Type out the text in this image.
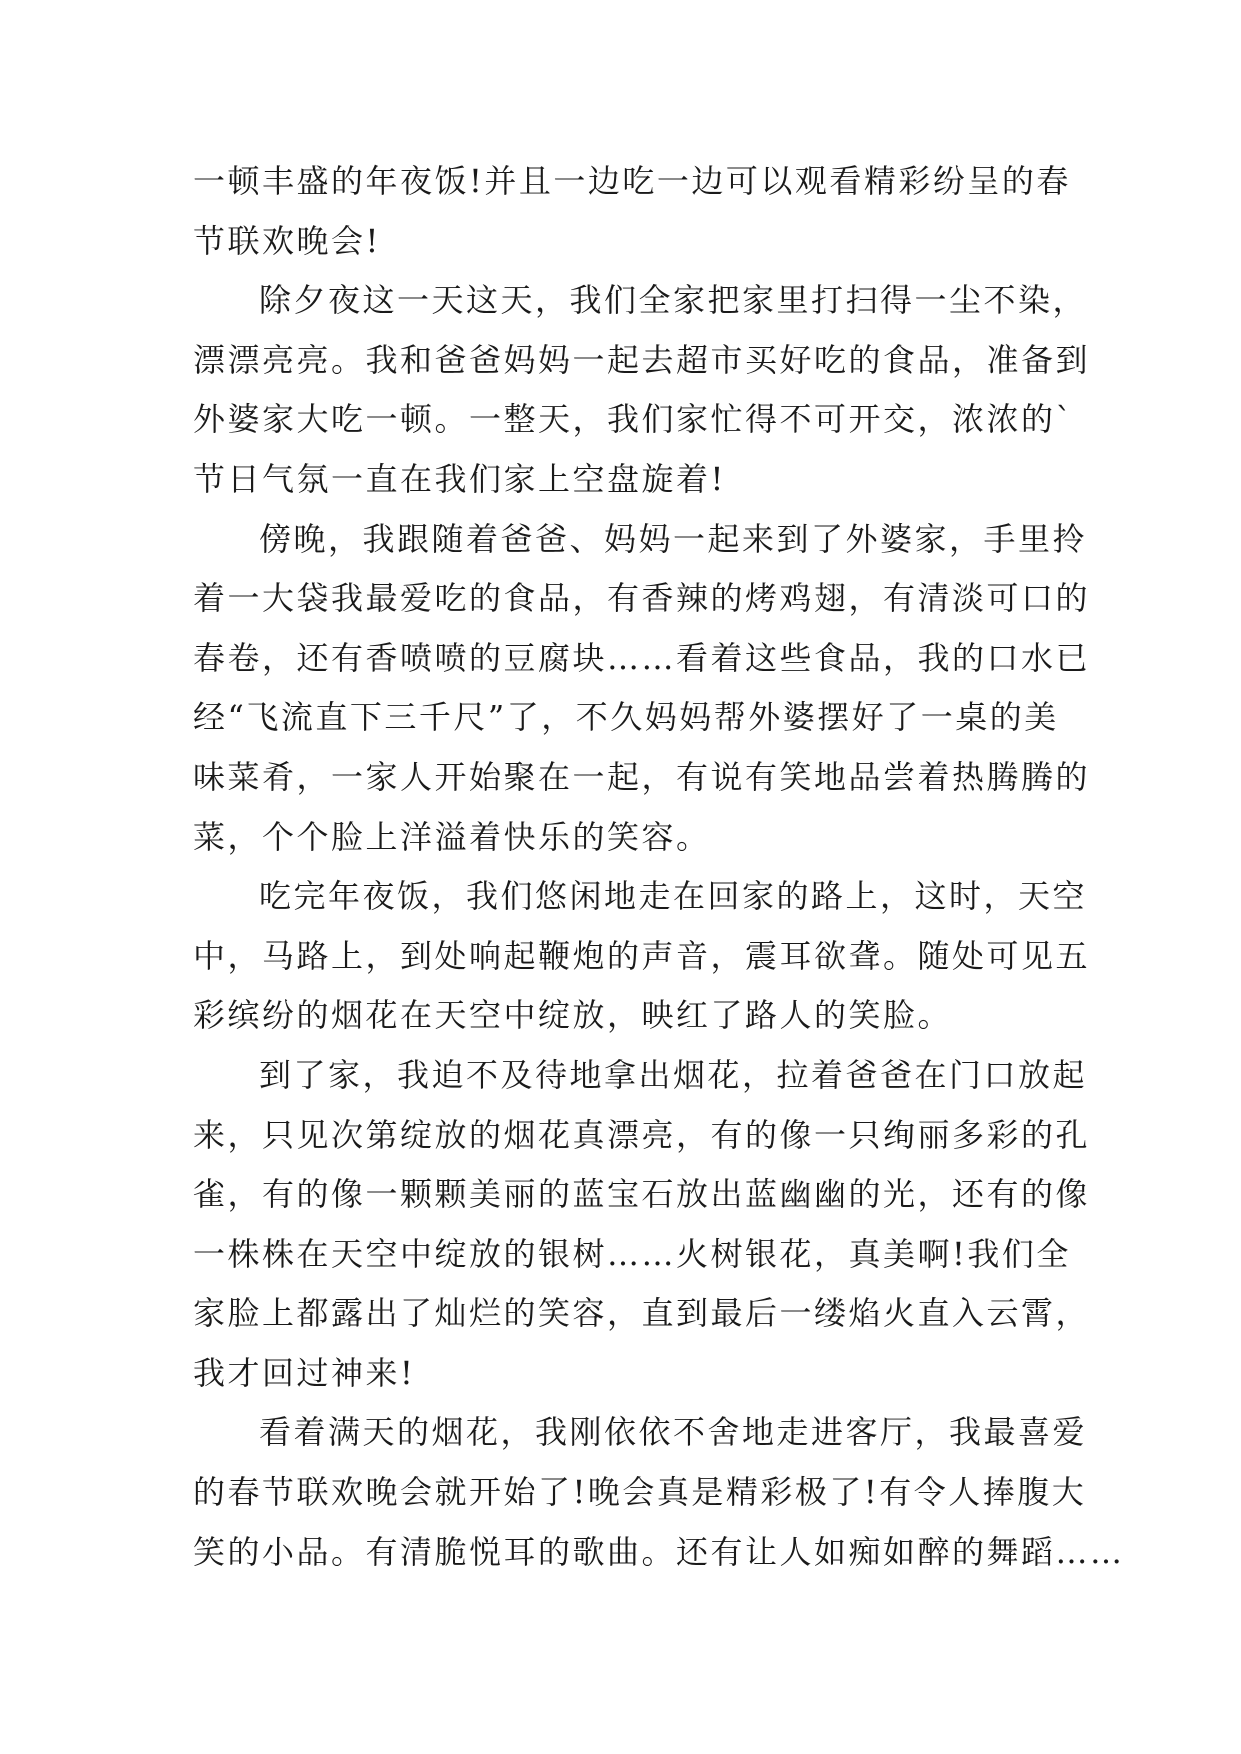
一顿丰盛的年夜饭!并且一边吃一边可以观看精彩纷呈的春
节联欢晚会!
除夕夜这一天这天，我们全家把家里打扫得一尘不染，
漂漂亮亮。我和爸爸妈妈一起去超市买好吃的食品，准备到
外婆家大吃一顿。一整天，我们家忙得不可开交，浓浓的`
节日气氛一直在我们家上空盘旋着!
傍晚，我跟随着爸爸、妈妈一起来到了外婆家，手里拎
着一大袋我最爱吃的食品，有香辣的烤鸡翅，有清淡可口的
春卷，还有香喷喷的豆腐块……看着这些食品，我的口水已
经“飞流直下三千尺”了，不久妈妈帮外婆摆好了一桌的美
味菜肴，一家人开始聚在一起，有说有笑地品尝着热腾腾的
菜，个个脸上洋溢着快乐的笑容。
吃完年夜饭，我们悠闲地走在回家的路上，这时，天空
中，马路上，到处响起鞭炮的声音，震耳欲聋。随处可见五
彩缤纷的烟花在天空中绽放，映红了路人的笑脸。
到了家，我迫不及待地拿出烟花，拉着爸爸在门口放起
来，只见次第绽放的烟花真漂亮，有的像一只绚丽多彩的孔
雀，有的像一颗颗美丽的蓝宝石放出蓝幽幽的光，还有的像
一株株在天空中绽放的银树……火树银花，真美啊!我们全
家脸上都露出了灿烂的笑容，直到最后一缕焰火直入云霄，
我才回过神来!
看着满天的烟花，我刚依依不舍地走进客厅，我最喜爱
的春节联欢晚会就开始了!晚会真是精彩极了!有令人捧腹大
笑的小品。有清脆悦耳的歌曲。还有让人如痴如醉的舞蹈……
